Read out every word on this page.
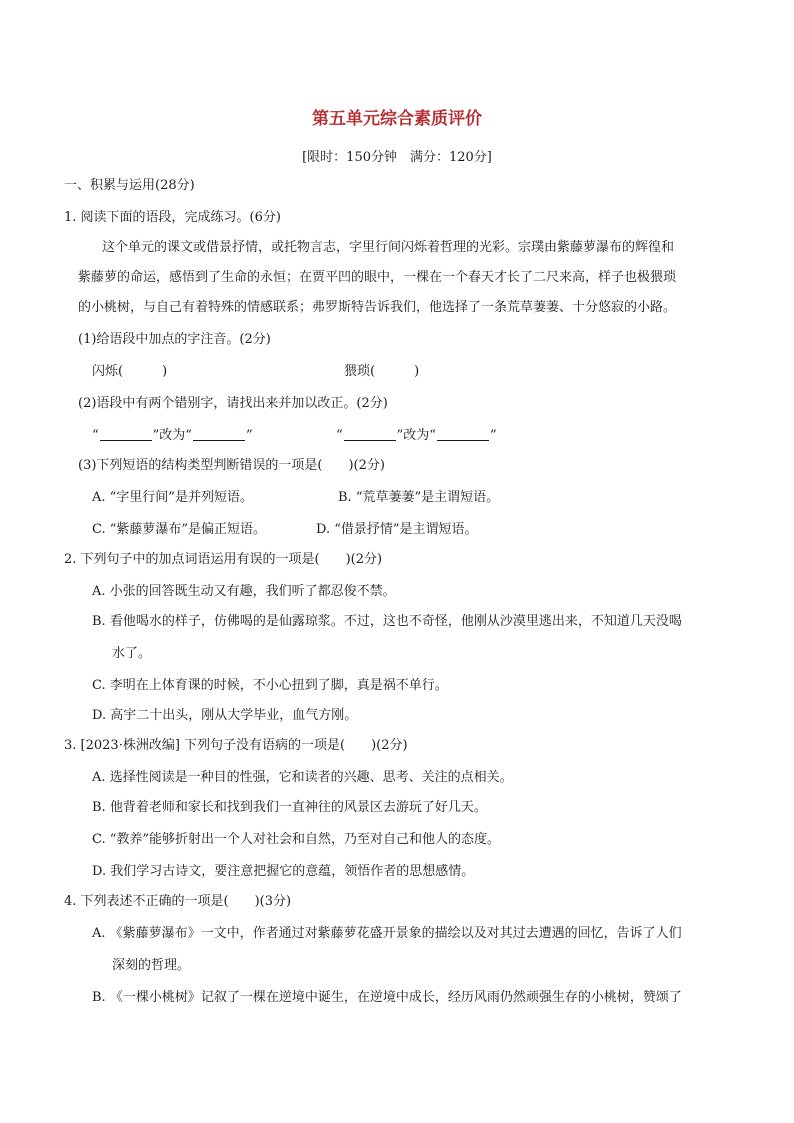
第五单元综合素质评价
[限时：150分钟　满分：120分]
一、积累与运用(28分)
1. 阅读下面的语段，完成练习。(6分)
这个单元的课文或借景抒情，或托物言志，字里行间闪烁着哲理的光彩。宗璞由紫藤萝瀑布的辉徨和
紫藤萝的命运，感悟到了生命的永恒；在贾平凹的眼中，一棵在一个春天才长了二尺来高，样子也极猥琐
的小桃树，与自己有着特殊的情感联系；弗罗斯特告诉我们，他选择了一条荒草萋萋、十分悠寂的小路。
(1)给语段中加点的字注音。(2分)
闪烁(　　　)	猥琐(　　　)
(2)语段中有两个错别字，请找出来并加以改正。(2分)
“	”改为“	”	“	”改为“	”
(3)下列短语的结构类型判断错误的一项是(　　)(2分)
A. “字里行间”是并列短语。	B. “荒草萋萋”是主谓短语。
C. “紫藤萝瀑布”是偏正短语。	D. “借景抒情”是主谓短语。
2. 下列句子中的加点词语运用有误的一项是(　　)(2分)
A. 小张的回答既生动又有趣，我们听了都忍俊不禁。
B. 看他喝水的样子，仿佛喝的是仙露琼浆。不过，这也不奇怪，他刚从沙漠里逃出来，不知道几天没喝
水了。
C. 李明在上体育课的时候，不小心扭到了脚，真是祸不单行。
D. 高宇二十出头，刚从大学毕业，血气方刚。
3. [2023·株洲改编] 下列句子没有语病的一项是(　　)(2分)
A. 选择性阅读是一种目的性强，它和读者的兴趣、思考、关注的点相关。
B. 他背着老师和家长和找到我们一直神往的风景区去游玩了好几天。
C. “教养”能够折射出一个人对社会和自然，乃至对自己和他人的态度。
D. 我们学习古诗文，要注意把握它的意蕴，领悟作者的思想感情。
4. 下列表述不正确的一项是(　　)(3分)
A. 《紫藤萝瀑布》一文中，作者通过对紫藤萝花盛开景象的描绘以及对其过去遭遇的回忆，告诉了人们
深刻的哲理。
B. 《一棵小桃树》记叙了一棵在逆境中诞生，在逆境中成长，经历风雨仍然顽强生存的小桃树，赞颂了
